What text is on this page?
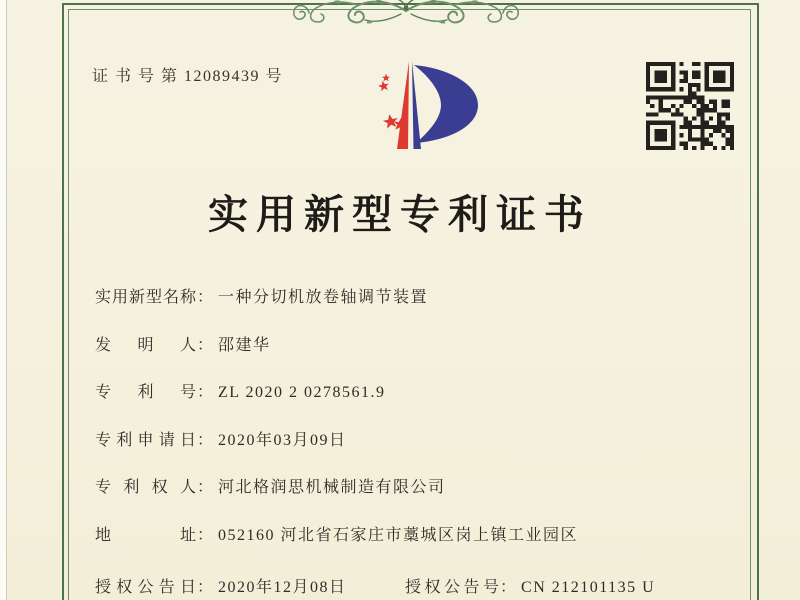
证 书 号 第 12089439 号
实用新型专利证书
实用新型名称： 一种分切机放卷轴调节装置
发明人： 邵建华
专利号： ZL 2020 2 0278561.9
专利申请日： 2020年03月09日
专利权人： 河北格润思机械制造有限公司
地址： 052160 河北省石家庄市藁城区岗上镇工业园区
授权公告日： 2020年12月08日	授权公告号： CN 212101135 U
